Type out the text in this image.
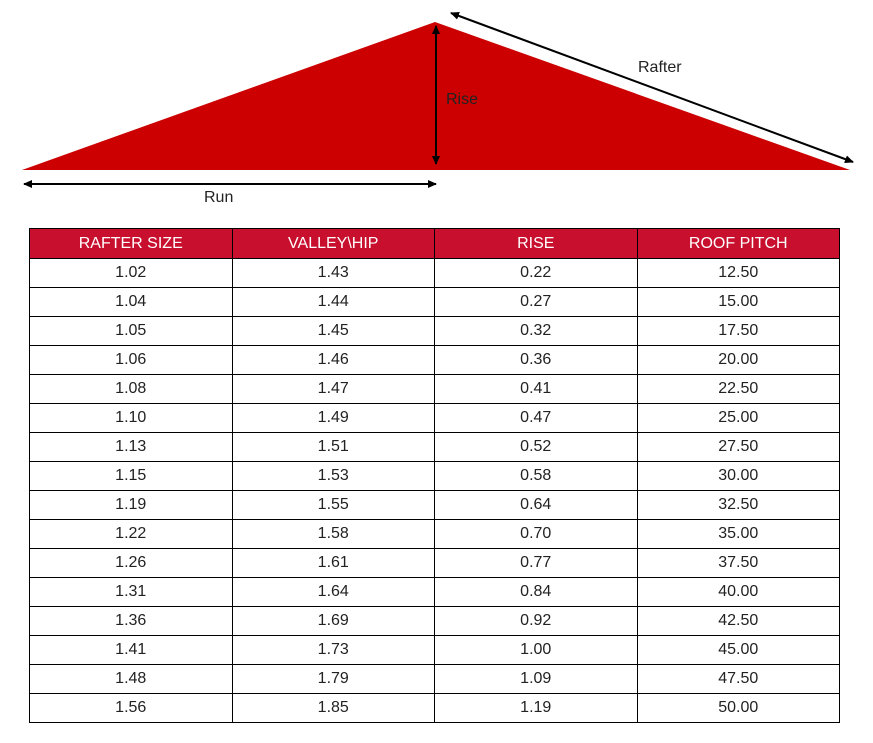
Rise
Rafter
Run
RAFTER SIZE	VALLEY\HIP	RISE	ROOF PITCH
1.02	1.43	0.22	12.50
1.04	1.44	0.27	15.00
1.05	1.45	0.32	17.50
1.06	1.46	0.36	20.00
1.08	1.47	0.41	22.50
1.10	1.49	0.47	25.00
1.13	1.51	0.52	27.50
1.15	1.53	0.58	30.00
1.19	1.55	0.64	32.50
1.22	1.58	0.70	35.00
1.26	1.61	0.77	37.50
1.31	1.64	0.84	40.00
1.36	1.69	0.92	42.50
1.41	1.73	1.00	45.00
1.48	1.79	1.09	47.50
1.56	1.85	1.19	50.00
